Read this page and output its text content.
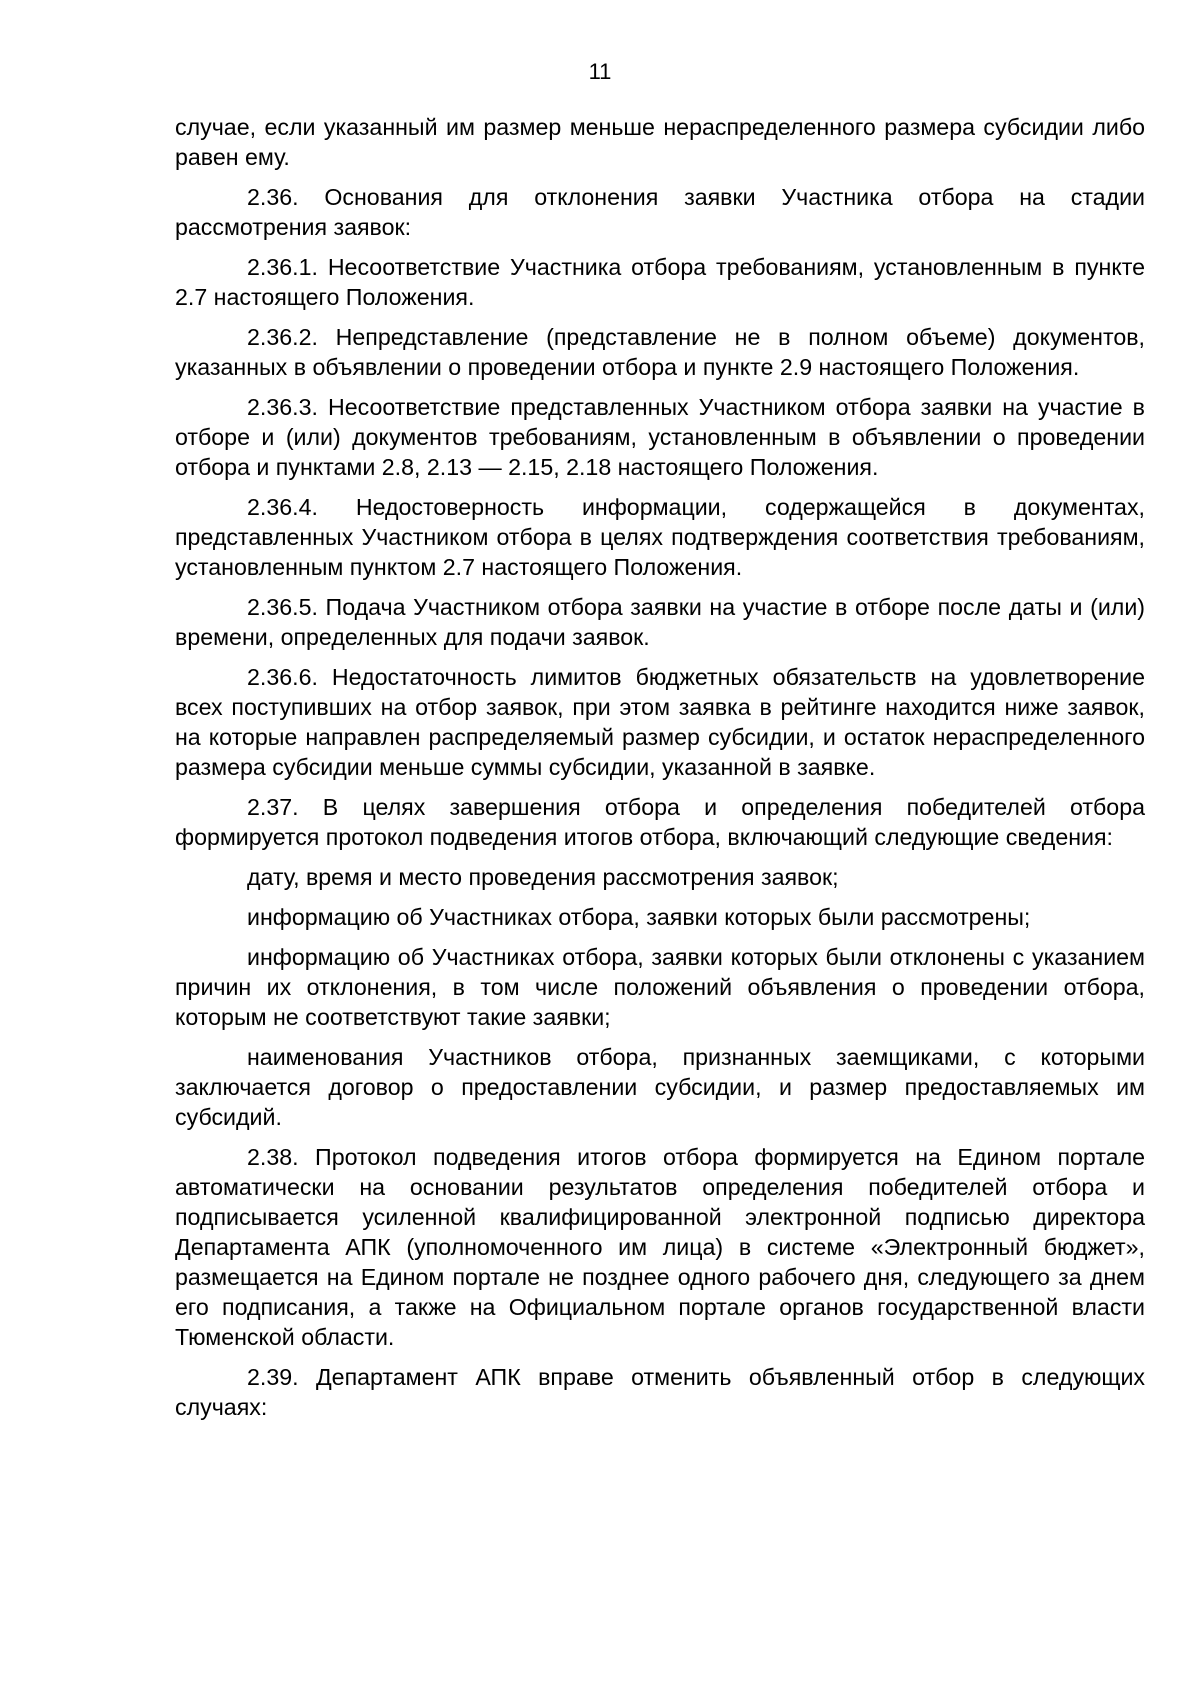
11

случае, если указанный им размер меньше нераспределенного размера субсидии либо равен ему.

2.36. Основания для отклонения заявки Участника отбора на стадии рассмотрения заявок:

2.36.1. Несоответствие Участника отбора требованиям, установленным в пункте 2.7 настоящего Положения.

2.36.2. Непредставление (представление не в полном объеме) документов, указанных в объявлении о проведении отбора и пункте 2.9 настоящего Положения.

2.36.3. Несоответствие представленных Участником отбора заявки на участие в отборе и (или) документов требованиям, установленным в объявлении о проведении отбора и пунктами 2.8, 2.13 — 2.15, 2.18 настоящего Положения.

2.36.4. Недостоверность информации, содержащейся в документах, представленных Участником отбора в целях подтверждения соответствия требованиям, установленным пунктом 2.7 настоящего Положения.

2.36.5. Подача Участником отбора заявки на участие в отборе после даты и (или) времени, определенных для подачи заявок.

2.36.6. Недостаточность лимитов бюджетных обязательств на удовлетворение всех поступивших на отбор заявок, при этом заявка в рейтинге находится ниже заявок, на которые направлен распределяемый размер субсидии, и остаток нераспределенного размера субсидии меньше суммы субсидии, указанной в заявке.

2.37. В целях завершения отбора и определения победителей отбора формируется протокол подведения итогов отбора, включающий следующие сведения:

дату, время и место проведения рассмотрения заявок;

информацию об Участниках отбора, заявки которых были рассмотрены;

информацию об Участниках отбора, заявки которых были отклонены с указанием причин их отклонения, в том числе положений объявления о проведении отбора, которым не соответствуют такие заявки;

наименования Участников отбора, признанных заемщиками, с которыми заключается договор о предоставлении субсидии, и размер предоставляемых им субсидий.

2.38. Протокол подведения итогов отбора формируется на Едином портале автоматически на основании результатов определения победителей отбора и подписывается усиленной квалифицированной электронной подписью директора Департамента АПК (уполномоченного им лица) в системе «Электронный бюджет», размещается на Едином портале не позднее одного рабочего дня, следующего за днем его подписания, а также на Официальном портале органов государственной власти Тюменской области.

2.39. Департамент АПК вправе отменить объявленный отбор в следующих случаях:
